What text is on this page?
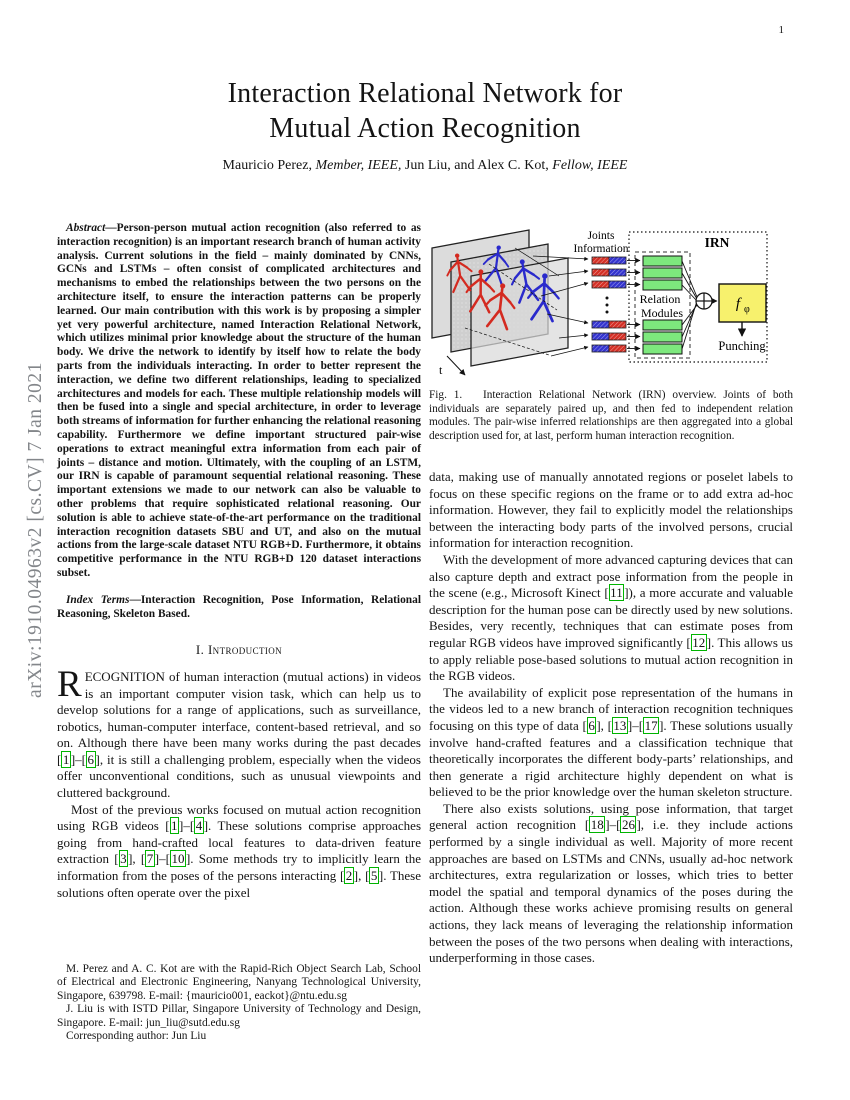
1
arXiv:1910.04963v2 [cs.CV] 7 Jan 2021
Interaction Relational Network for
Mutual Action Recognition
Mauricio Perez, Member, IEEE, Jun Liu, and Alex C. Kot, Fellow, IEEE

Abstract—Person-person mutual action recognition (also referred to as interaction recognition) is an important research branch of human activity analysis. Current solutions in the field – mainly dominated by CNNs, GCNs and LSTMs – often consist of complicated architectures and mechanisms to embed the relationships between the two persons on the architecture itself, to ensure the interaction patterns can be properly learned. Our main contribution with this work is by proposing a simpler yet very powerful architecture, named Interaction Relational Network, which utilizes minimal prior knowledge about the structure of the human body. We drive the network to identify by itself how to relate the body parts from the individuals interacting. In order to better represent the interaction, we define two different relationships, leading to specialized architectures and models for each. These multiple relationship models will then be fused into a single and special architecture, in order to leverage both streams of information for further enhancing the relational reasoning capability. Furthermore we define important structured pair-wise operations to extract meaningful extra information from each pair of joints – distance and motion. Ultimately, with the coupling of an LSTM, our IRN is capable of paramount sequential relational reasoning. These important extensions we made to our network can also be valuable to other problems that require sophisticated relational reasoning. Our solution is able to achieve state-of-the-art performance on the traditional interaction recognition datasets SBU and UT, and also on the mutual actions from the large-scale dataset NTU RGB+D. Furthermore, it obtains competitive performance in the NTU RGB+D 120 dataset interactions subset.

Index Terms—Interaction Recognition, Pose Information, Relational Reasoning, Skeleton Based.

I. Introduction

RECOGNITION of human interaction (mutual actions) in videos is an important computer vision task, which can help us to develop solutions for a range of applications, such as surveillance, robotics, human-computer interface, content-based retrieval, and so on. Although there have been many works during the past decades [ 1 ]–[ 6 ], it is still a challenging problem, especially when the videos offer unconventional conditions, such as unusual viewpoints and cluttered background.

Most of the previous works focused on mutual action recognition using RGB videos [ 1 ]–[ 4 ]. These solutions comprise approaches going from hand-crafted local features to data-driven feature extraction [ 3 ], [ 7 ]–[ 10 ]. Some methods try to implicitly learn the information from the poses of the persons interacting [ 2 ], [ 5 ]. These solutions often operate over the pixel

M. Perez and A. C. Kot are with the Rapid-Rich Object Search Lab, School of Electrical and Electronic Engineering, Nanyang Technological University, Singapore, 639798. E-mail: {mauricio001, eackot}@ntu.edu.sg

J. Liu is with ISTD Pillar, Singapore University of Technology and Design, Singapore. E-mail: jun_liu@sutd.edu.sg

Corresponding author: Jun Liu

t
Joints
Information	IRN
Relation
Modules
f φ
Punching

Fig. 1. Interaction Relational Network (IRN) overview. Joints of both individuals are separately paired up, and then fed to independent relation modules. The pair-wise inferred relationships are then aggregated into a global description used for, at last, perform human interaction recognition.

data, making use of manually annotated regions or poselet labels to focus on these specific regions on the frame or to add extra ad-hoc information. However, they fail to explicitly model the relationships between the interacting body parts of the involved persons, crucial information for interaction recognition.

With the development of more advanced capturing devices that can also capture depth and extract pose information from the people in the scene (e.g., Microsoft Kinect [ 11 ]), a more accurate and valuable description for the human pose can be directly used by new solutions. Besides, very recently, techniques that can estimate poses from regular RGB videos have improved significantly [ 12 ]. This allows us to apply reliable pose-based solutions to mutual action recognition in the RGB videos.

The availability of explicit pose representation of the humans in the videos led to a new branch of interaction recognition techniques focusing on this type of data [ 6 ], [ 13 ]–[ 17 ]. These solutions usually involve hand-crafted features and a classification technique that theoretically incorporates the different body-parts’ relationships, and then generate a rigid architecture highly dependent on what is believed to be the prior knowledge over the human skeleton structure.

There also exists solutions, using pose information, that target general action recognition [ 18 ]–[ 26 ], i.e. they include actions performed by a single individual as well. Majority of more recent approaches are based on LSTMs and CNNs, usually ad-hoc network architectures, extra regularization or losses, which tries to better model the spatial and temporal dynamics of the poses during the action. Although these works achieve promising results on general actions, they lack means of leveraging the relationship information between the poses of the two persons when dealing with interactions, underperforming in those cases.
